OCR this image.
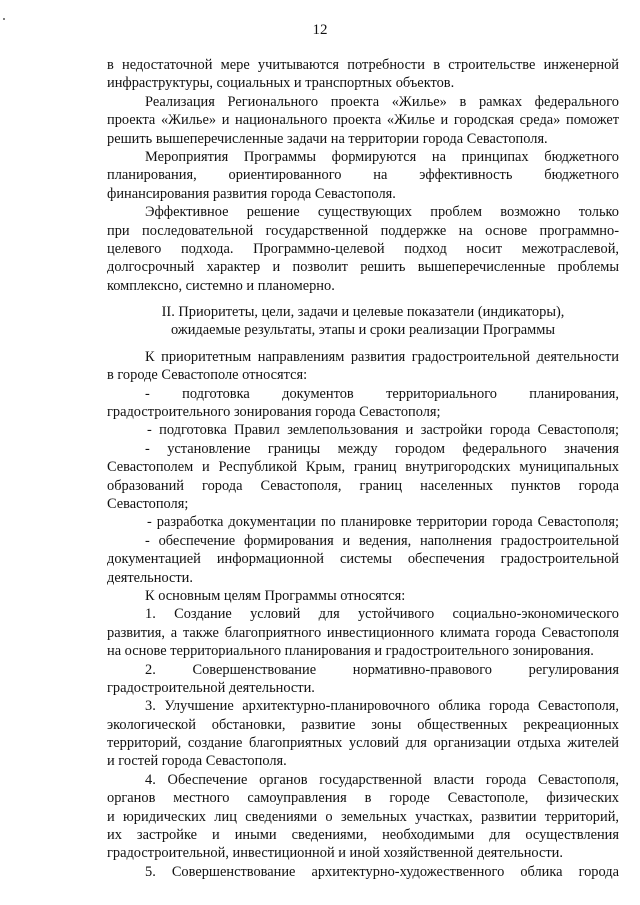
12
в недостаточной мере учитываются потребности в строительстве инженерной
инфраструктуры, социальных и транспортных объектов.
Реализация Регионального проекта «Жилье» в рамках федерального
проекта «Жилье» и национального проекта «Жилье и городская среда» поможет
решить вышеперечисленные задачи на территории города Севастополя.
Мероприятия Программы формируются на принципах бюджетного
планирования, ориентированного на эффективность бюджетного
финансирования развития города Севастополя.
Эффективное решение существующих проблем возможно только
при последовательной государственной поддержке на основе программно-
целевого подхода. Программно-целевой подход носит межотраслевой,
долгосрочный характер и позволит решить вышеперечисленные проблемы
комплексно, системно и планомерно.
II. Приоритеты, цели, задачи и целевые показатели (индикаторы),
ожидаемые результаты, этапы и сроки реализации Программы
К приоритетным направлениям развития градостроительной деятельности
в городе Севастополе относятся:
- подготовка документов территориального планирования,
градостроительного зонирования города Севастополя;
- подготовка Правил землепользования и застройки города Севастополя;
- установление границы между городом федерального значения
Севастополем и Республикой Крым, границ внутригородских муниципальных
образований города Севастополя, границ населенных пунктов города
Севастополя;
- разработка документации по планировке территории города Севастополя;
- обеспечение формирования и ведения, наполнения градостроительной
документацией информационной системы обеспечения градостроительной
деятельности.
К основным целям Программы относятся:
1. Создание условий для устойчивого социально-экономического
развития, а также благоприятного инвестиционного климата города Севастополя
на основе территориального планирования и градостроительного зонирования.
2. Совершенствование нормативно-правового регулирования
градостроительной деятельности.
3. Улучшение архитектурно-планировочного облика города Севастополя,
экологической обстановки, развитие зоны общественных рекреационных
территорий, создание благоприятных условий для организации отдыха жителей
и гостей города Севастополя.
4. Обеспечение органов государственной власти города Севастополя,
органов местного самоуправления в городе Севастополе, физических
и юридических лиц сведениями о земельных участках, развитии территорий,
их застройке и иными сведениями, необходимыми для осуществления
градостроительной, инвестиционной и иной хозяйственной деятельности.
5. Совершенствование архитектурно-художественного облика города
